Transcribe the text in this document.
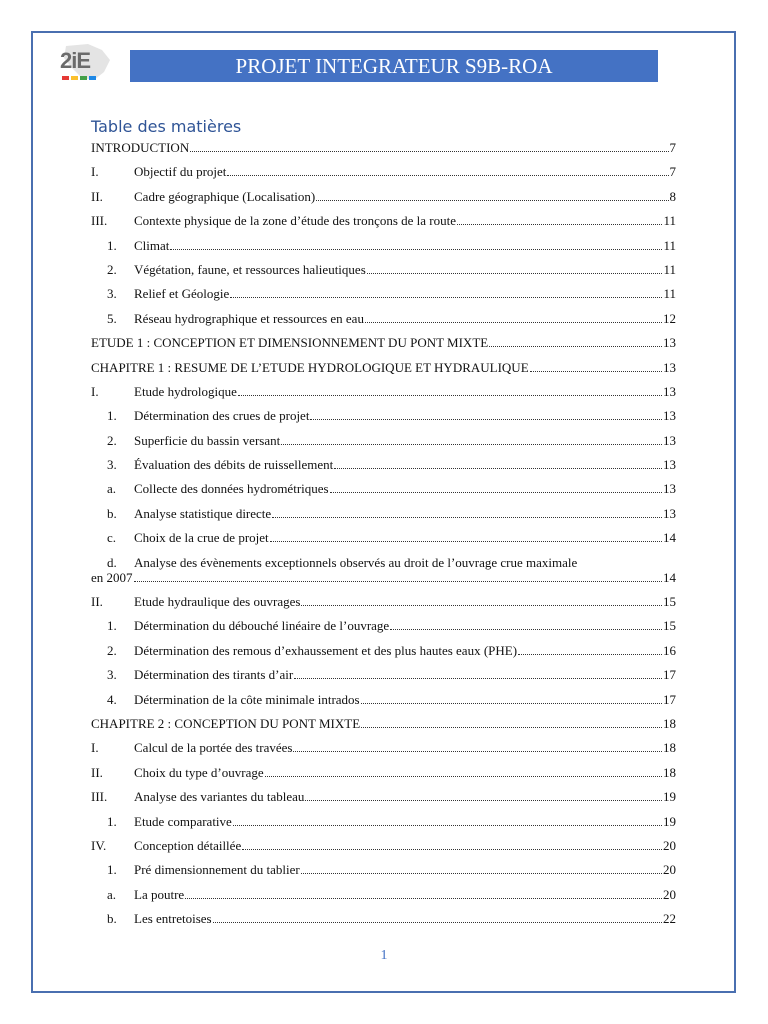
2iE	PROJET INTEGRATEUR S9B-ROA
Table des matières
INTRODUCTION	7
I.	Objectif du projet	7
II.	Cadre géographique (Localisation)	8
III.	Contexte physique de la zone d’étude des tronçons de la route	11
1.	Climat	11
2.	Végétation, faune, et ressources halieutiques	11
3.	Relief et Géologie	11
5.	Réseau hydrographique et ressources en eau	12
ETUDE 1 : CONCEPTION ET DIMENSIONNEMENT DU PONT MIXTE	13
CHAPITRE 1 : RESUME DE L’ETUDE HYDROLOGIQUE ET HYDRAULIQUE	13
I.	Etude hydrologique	13
1.	Détermination des crues de projet	13
2.	Superficie du bassin versant	13
3.	Évaluation des débits de ruissellement	13
a.	Collecte des données hydrométriques	13
b.	Analyse statistique directe	13
c.	Choix de la crue de projet	14
d.	Analyse des évènements exceptionnels observés au droit de l’ouvrage crue maximale
en 2007	14
II.	Etude hydraulique des ouvrages	15
1.	Détermination du débouché linéaire de l’ouvrage	15
2.	Détermination des remous d’exhaussement et des plus hautes eaux (PHE)	16
3.	Détermination des tirants d’air	17
4.	Détermination de la côte minimale intrados	17
CHAPITRE 2 : CONCEPTION DU PONT MIXTE	18
I.	Calcul de la portée des travées	18
II.	Choix du type d’ouvrage	18
III.	Analyse des variantes du tableau	19
1.	Etude comparative	19
IV.	Conception détaillée	20
1.	Pré dimensionnement du tablier	20
a.	La poutre	20
b.	Les entretoises	22
1
